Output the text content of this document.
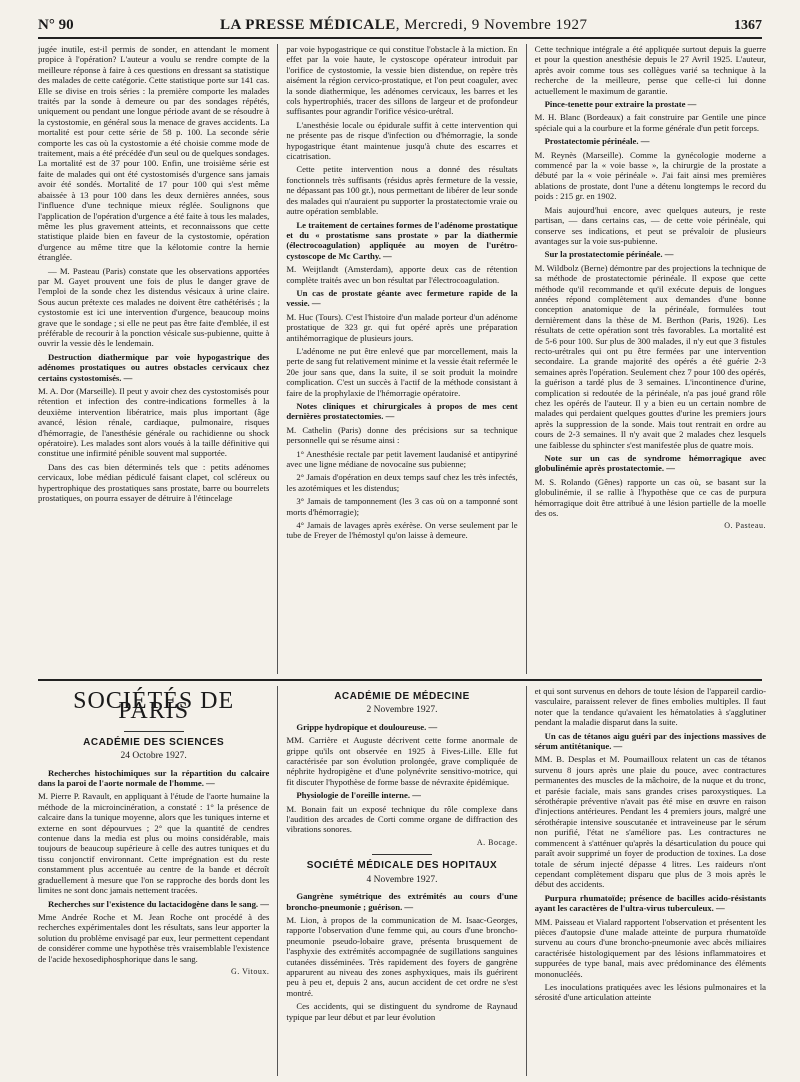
N° 90	LA PRESSE MÉDICALE, Mercredi, 9 Novembre 1927	1367

jugée inutile, est-il permis de sonder, en attendant le moment propice à l'opération? L'auteur a voulu se rendre compte de la meilleure réponse à faire à ces questions en dressant sa statistique des malades de cette catégorie. Cette statistique porte sur 141 cas. Elle se divise en trois séries : la première comporte les malades traités par la sonde à demeure ou par des sondages répétés, uniquement ou pendant une longue période avant de se résoudre à la cystostomie, en général sous la menace de graves accidents. La mortalité est pour cette série de 58 p. 100. La seconde série comporte les cas où la cystostomie a été choisie comme mode de traitement, mais a été précédée d'un seul ou de quelques sondages. La mortalité est de 37 pour 100. Enfin, une troisième série est faite de malades qui ont été cystostomisés d'urgence sans jamais avoir été sondés. Mortalité de 17 pour 100 qui s'est même abaissée à 13 pour 100 dans les deux dernières années, sous l'influence d'une technique mieux réglée. Soulignons que l'application de l'opération d'urgence a été faite à tous les malades, même les plus gravement atteints, et reconnaissons que cette statistique plaide bien en faveur de la cystostomie, opération d'urgence au même titre que la kélotomie contre la hernie étranglée.

— M. Pasteau (Paris) constate que les observations apportées par M. Gayet prouvent une fois de plus le danger grave de l'emploi de la sonde chez les distendus vésicaux à urine claire. Sous aucun prétexte ces malades ne doivent être cathétérisés ; la cystostomie est ici une intervention d'urgence, beaucoup moins grave que le sondage ; si elle ne peut pas être faite d'emblée, il est préférable de recourir à la ponction vésicale sus-pubienne, quitte à ouvrir la vessie dès le lendemain.

Destruction diathermique par voie hypogastrique des adénomes prostatiques ou autres obstacles cervicaux chez certains cystostomisés. —

M. A. Dor (Marseille). Il peut y avoir chez des cystostomisés pour rétention et infection des contre-indications formelles à la deuxième intervention libératrice, mais plus important (âge avancé, lésion rénale, cardiaque, pulmonaire, risques d'hémorragie, de l'anesthésie générale ou rachidienne ou shock opératoire). Les malades sont alors voués à la taille définitive qui constitue une infirmité pénible souvent mal supportée.

Dans des cas bien déterminés tels que : petits adénomes cervicaux, lobe médian pédiculé faisant clapet, col scléreux ou hypertrophique des prostatiques sans prostate, barre ou bourrelets prostatiques, on pourra essayer de détruire à l'étincelage

par voie hypogastrique ce qui constitue l'obstacle à la miction. En effet par la voie haute, le cystoscope opérateur introduit par l'orifice de cystostomie, la vessie bien distendue, on repère très aisément la région cervico-prostatique, et l'on peut coaguler, avec la sonde diathermique, les adénomes cervicaux, les barres et les cols hypertrophiés, tracer des sillons de largeur et de profondeur suffisantes pour agrandir l'orifice vésico-urétral.

L'anesthésie locale ou épidurale suffit à cette intervention qui ne présente pas de risque d'infection ou d'hémorragie, la sonde hypogastrique étant maintenue jusqu'à chute des escarres et cicatrisation.

Cette petite intervention nous a donné des résultats fonctionnels très suffisants (résidus après fermeture de la vessie, ne dépassant pas 100 gr.), nous permettant de libérer de leur sonde des malades qui n'auraient pu supporter la prostatectomie vraie ou autre opération semblable.

Le traitement de certaines formes de l'adénome prostatique et du « prostatisme sans prostate » par la diathermie (électrocoagulation) appliquée au moyen de l'urétro-cystoscope de Mc Carthy. —

M. Weijtlandt (Amsterdam), apporte deux cas de rétention complète traités avec un bon résultat par l'électrocoagulation.

Un cas de prostate géante avec fermeture rapide de la vessie. —

M. Huc (Tours). C'est l'histoire d'un malade porteur d'un adénome prostatique de 323 gr. qui fut opéré après une préparation antihémorragique de plusieurs jours.

L'adénome ne put être enlevé que par morcellement, mais la perte de sang fut relativement minime et la vessie était refermée le 20e jour sans que, dans la suite, il se soit produit la moindre complication. C'est un succès à l'actif de la méthode consistant à faire de la prophylaxie de l'hémorragie opératoire.

Notes cliniques et chirurgicales à propos de mes cent dernières prostatectomies. —

M. Cathelin (Paris) donne des précisions sur sa technique personnelle qui se résume ainsi :

1° Anesthésie rectale par petit lavement laudanisé et antipyriné avec une ligne médiane de novocaïne sus pubienne;

2° Jamais d'opération en deux temps sauf chez les très infectés, les azotémiques et les distendus;

3° Jamais de tamponnement (les 3 cas où on a tamponné sont morts d'hémorragie);

4° Jamais de lavages après exérèse. On verse seulement par le tube de Freyer de l'hémostyl qu'on laisse à demeure.

Cette technique intégrale a été appliquée surtout depuis la guerre et pour la question anesthésie depuis le 27 Avril 1925. L'auteur, après avoir comme tous ses collègues varié sa technique à la recherche de la meilleure, pense que celle-ci lui donne actuellement le maximum de garantie.

Pince-tenette pour extraire la prostate —

M. H. Blanc (Bordeaux) a fait construire par Gentile une pince spéciale qui a la courbure et la forme générale d'un petit forceps.

Prostatectomie périnéale. —

M. Reynès (Marseille). Comme la gynécologie moderne a commencé par la « voie basse », la chirurgie de la prostate a débuté par la « voie périnéale ». J'ai fait ainsi mes premières ablations de prostate, dont l'une a détenu longtemps le record du poids : 215 gr. en 1902.

Mais aujourd'hui encore, avec quelques auteurs, je reste partisan, — dans certains cas, — de cette voie périnéale, qui conserve ses indications, et peut se prévaloir de plusieurs avantages sur la voie sus-pubienne.

Sur la prostatectomie périnéale. —

M. Wildbolz (Berne) démontre par des projections la technique de sa méthode de prostatectomie périnéale. Il expose que cette méthode qu'il recommande et qu'il exécute depuis de longues années répond complètement aux demandes d'une bonne conception anatomique de la périnéale, formulées tout dernièrement dans la thèse de M. Berthon (Paris, 1926). Les résultats de cette opération sont très favorables. La mortalité est de 5-6 pour 100. Sur plus de 300 malades, il n'y eut que 3 fistules recto-urétrales qui ont pu être fermées par une intervention secondaire. La grande majorité des opérés a été guérie 2-3 semaines après l'opération. Seulement chez 7 pour 100 des opérés, la guérison a tardé plus de 3 semaines. L'incontinence d'urine, complication si redoutée de la périnéale, n'a pas joué grand rôle chez les opérés de l'auteur. Il y a bien eu un certain nombre de malades qui perdaient quelques gouttes d'urine les premiers jours après la suppression de la sonde. Mais tout rentrait en ordre au cours de 2-3 semaines. Il n'y avait que 2 malades chez lesquels une faiblesse du sphincter s'est manifestée plus de quatre mois.

Note sur un cas de syndrome hémorragique avec globulinémie après prostatectomie. —

M. S. Rolando (Gênes) rapporte un cas où, se basant sur la globulinémie, il se rallie à l'hypothèse que ce cas de purpura hémorragique doit être attribué à une lésion partielle de la moelle des os.

O. Pasteau.
SOCIÉTÉS DE PARIS
ACADÉMIE DES SCIENCES
24 Octobre 1927.

Recherches histochimiques sur la répartition du calcaire dans la paroi de l'aorte normale de l'homme. —

M. Pierre P. Ravault, en appliquant à l'étude de l'aorte humaine la méthode de la microincinération, a constaté : 1° la présence de calcaire dans la tunique moyenne, alors que les tuniques interne et externe en sont dépourvues ; 2° que la quantité de cendres contenue dans la media est plus ou moins considérable, mais toujours de beaucoup supérieure à celle des autres tuniques et du tissu conjonctif environnant. Cette imprégnation est du reste constamment plus accentuée au centre de la bande et décroît graduellement à mesure que l'on se rapproche des bords dont les limites ne sont donc jamais nettement tracées.

Recherches sur l'existence du lactacidogène dans le sang. —

Mme Andrée Roche et M. Jean Roche ont procédé à des recherches expérimentales dont les résultats, sans leur apporter la solution du problème envisagé par eux, leur permettent cependant de considérer comme une hypothèse très vraisemblable l'existence de l'acide hexosediphosphorique dans le sang.

G. Vitoux.
ACADÉMIE DE MÉDECINE
2 Novembre 1927.

Grippe hydropique et douloureuse. —

MM. Carrière et Auguste décrivent cette forme anormale de grippe qu'ils ont observée en 1925 à Fives-Lille. Elle fut caractérisée par son évolution prolongée, grave compliquée de néphrite hydropigène et d'une polynévrite sensitivo-motrice, qui fit discuter l'hypothèse de forme basse de névraxite épidémique.

Physiologie de l'oreille interne. —

M. Bonain fait un exposé technique du rôle complexe dans l'audition des arcades de Corti comme organe de diffraction des vibrations sonores.

A. Bocage.
SOCIÉTÉ MÉDICALE DES HOPITAUX
4 Novembre 1927.

Gangrène symétrique des extrémités au cours d'une broncho-pneumonie ; guérison. —

M. Lion, à propos de la communication de M. Isaac-Georges, rapporte l'observation d'une femme qui, au cours d'une broncho-pneumonie pseudo-lobaire grave, présenta brusquement de l'asphyxie des extrémités accompagnée de sugillations sanguines cutanées disséminées. Très rapidement des foyers de gangrène apparurent au niveau des zones asphyxiques, mais ils guérirent peu à peu et, depuis 2 ans, aucun accident de cet ordre ne s'est montré.

Ces accidents, qui se distinguent du syndrome de Raynaud typique par leur début et par leur évolution

et qui sont survenus en dehors de toute lésion de l'appareil cardio-vasculaire, paraissent relever de fines embolies multiples. Il faut noter que la tendance qu'avaient les hématolaties à s'agglutiner pendant la maladie disparut dans la suite.

Un cas de tétanos aigu guéri par des injections massives de sérum antitétanique. —

MM. B. Desplas et M. Poumailloux relatent un cas de tétanos survenu 8 jours après une plaie du pouce, avec contractures permanentes des muscles de la mâchoire, de la nuque et du tronc, et parésie faciale, mais sans grandes crises paroxystiques. La sérothérapie préventive n'avait pas été mise en œuvre en raison d'injections antérieures. Pendant les 4 premiers jours, malgré une sérothérapie intensive souscutanée et intraveineuse par le sérum non purifié, l'état ne s'améliore pas. Les contractures ne commencent à s'atténuer qu'après la désarticulation du pouce qui paraît avoir supprimé un foyer de production de toxines. La dose totale de sérum injecté dépasse 4 litres. Les raideurs n'ont cependant complètement disparu que plus de 3 mois après le début des accidents.

Purpura rhumatoïde; présence de bacilles acido-résistants ayant les caractères de l'ultra-virus tuberculeux. —

MM. Paisseau et Vialard rapportent l'observation et présentent les pièces d'autopsie d'une malade atteinte de purpura rhumatoïde survenu au cours d'une broncho-pneumonie avec abcès miliaires caractérisée histologiquement par des lésions inflammatoires et suppurées de type banal, mais avec prédominance des éléments mononucléés.

Les inoculations pratiquées avec les lésions pulmonaires et la sérosité d'une articulation atteinte
